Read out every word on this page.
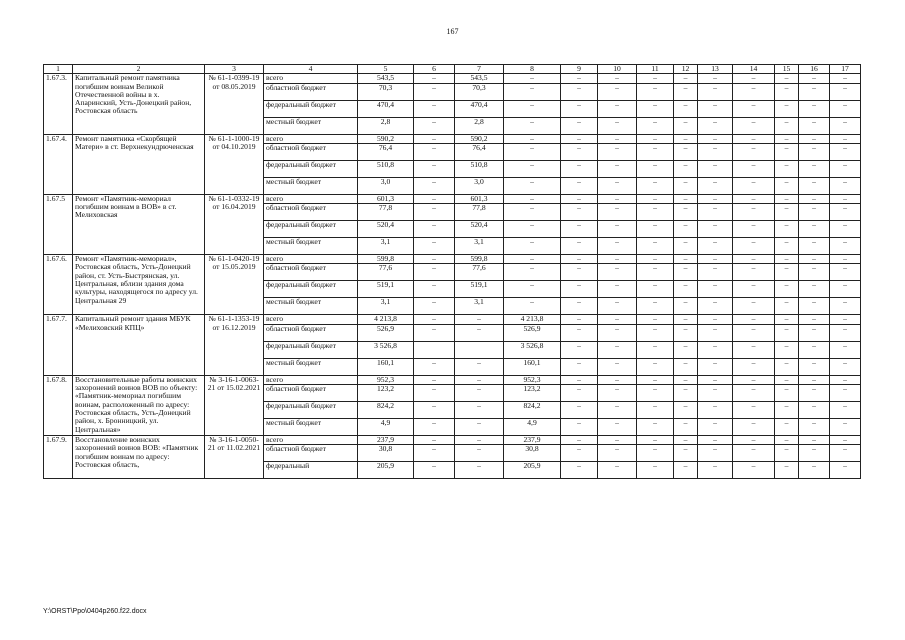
167
1	2	3	4	5	6	7	8	9	10	11	12	13	14	15	16	17
1.67.3.	Капитальный ремонт памятника погибшим воинам Великой Отечественной войны в х. Апаринский, Усть-Донецкий район, Ростовская область	№ 61-1-0399-19 от 08.05.2019	всего	543,5	–	543,5	–	–	–	–	–	–	–	–	–	–
			областной бюджет	70,3	–	70,3	–	–	–	–	–	–	–	–	–	–
			федеральный бюджет	470,4	–	470,4	–	–	–	–	–	–	–	–	–	–
			местный бюджет	2,8	–	2,8	–	–	–	–	–	–	–	–	–	–
1.67.4.	Ремонт памятника «Скорбящей Матери» в ст. Верхнекундрюченская	№ 61-1-1000-19 от 04.10.2019	всего	590,2	–	590,2	–	–	–	–	–	–	–	–	–	–
			областной бюджет	76,4	–	76,4	–	–	–	–	–	–	–	–	–	–
			федеральный бюджет	510,8	–	510,8	–	–	–	–	–	–	–	–	–	–
			местный бюджет	3,0	–	3,0	–	–	–	–	–	–	–	–	–	–
1.67.5	Ремонт «Памятник-мемориал погибшим воинам в ВОВ» в ст. Мелиховская	№ 61-1-0332-19 от 16.04.2019	всего	601,3	–	601,3	–	–	–	–	–	–	–	–	–	–
			областной бюджет	77,8	–	77,8	–	–	–	–	–	–	–	–	–	–
			федеральный бюджет	520,4	–	520,4	–	–	–	–	–	–	–	–	–	–
			местный бюджет	3,1	–	3,1	–	–	–	–	–	–	–	–	–	–
1.67.6.	Ремонт «Памятник-мемориал», Ростовская область, Усть-Донецкий район, ст. Усть-Быстрянская, ул. Центральная, вблизи здания дома культуры, находящегося по адресу ул. Центральная 29	№ 61-1-0420-19 от 15.05.2019	всего	599,8	–	599,8	–	–	–	–	–	–	–	–	–	–
			областной бюджет	77,6	–	77,6	–	–	–	–	–	–	–	–	–	–
			федеральный бюджет	519,1	–	519,1	–	–	–	–	–	–	–	–	–	–
			местный бюджет	3,1	–	3,1	–	–	–	–	–	–	–	–	–	–
1.67.7.	Капитальный ремонт здания МБУК «Мелиховский КПЦ»	№ 61-1-1353-19 от 16.12.2019	всего	4 213,8	–	–	4 213,8	–	–	–	–	–	–	–	–	–
			областной бюджет	526,9	–	–	526,9	–	–	–	–	–	–	–	–	–
			федеральный бюджет	3 526,8			3 526,8	–	–	–	–	–	–	–	–	–
			местный бюджет	160,1	–	–	160,1	–	–	–	–	–	–	–	–	–
1.67.8.	Восстановительные работы воинских захоронений воинов ВОВ по объекту: «Памятник-мемориал погибшим воинам, расположенный по адресу: Ростовская область, Усть-Донецкий район, х. Бронницкий, ул. Центральная»	№ 3-16-1-0063-21 от 15.02.2021	всего	952,3	–	–	952,3	–	–	–	–	–	–	–	–	–
			областной бюджет	123,2	–	–	123,2	–	–	–	–	–	–	–	–	–
			федеральный бюджет	824,2	–	–	824,2	–	–	–	–	–	–	–	–	–
			местный бюджет	4,9	–	–	4,9	–	–	–	–	–	–	–	–	–
1.67.9.	Восстановление воинских захоронений воинов ВОВ: «Памятник погибшим воинам по адресу: Ростовская область,	№ 3-16-1-0050-21 от 11.02.2021	всего	237,9	–	–	237,9	–	–	–	–	–	–	–	–	–
			областной бюджет	30,8	–	–	30,8	–	–	–	–	–	–	–	–	–
			федеральный	205,9	–	–	205,9	–	–	–	–	–	–	–	–	–
Y:\ORST\Ppo\0404p260.f22.docx
